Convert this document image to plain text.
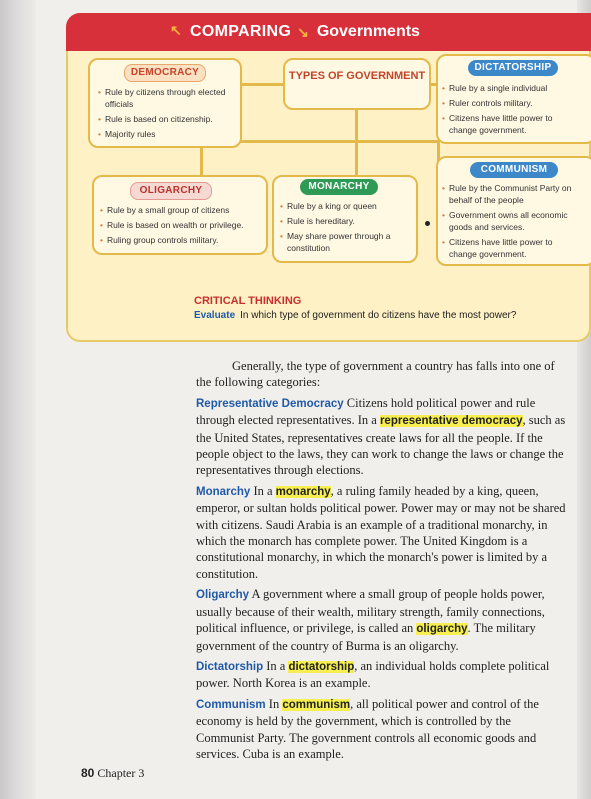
↖ COMPARING ↘ Governments
DEMOCRACY
• Rule by citizens through elected officials
• Rule is based on citizenship.
• Majority rules
TYPES OF GOVERNMENT
DICTATORSHIP
• Rule by a single individual
• Ruler controls military.
• Citizens have little power to change government.
OLIGARCHY
• Rule by a small group of citizens
• Rule is based on wealth or privilege.
• Ruling group controls military.
MONARCHY
• Rule by a king or queen
• Rule is hereditary.
• May share power through a constitution
COMMUNISM
• Rule by the Communist Party on behalf of the people
• Government owns all economic goods and services.
• Citizens have little power to change government.
CRITICAL THINKING
Evaluate In which type of government do citizens have the most power?

Generally, the type of government a country has falls into one of the following categories:

Representative Democracy Citizens hold political power and rule through elected representatives. In a representative democracy, such as the United States, representatives create laws for all the people. If the people object to the laws, they can work to change the laws or change the representatives through elections.

Monarchy In a monarchy, a ruling family headed by a king, queen, emperor, or sultan holds political power. Power may or may not be shared with citizens. Saudi Arabia is an example of a traditional monarchy, in which the monarch has complete power. The United Kingdom is a constitutional monarchy, in which the monarch's power is limited by a constitution.

Oligarchy A government where a small group of people holds power, usually because of their wealth, military strength, family connections, political influence, or privilege, is called an oligarchy. The military government of the country of Burma is an oligarchy.

Dictatorship In a dictatorship, an individual holds complete political power. North Korea is an example.

Communism In communism, all political power and control of the economy is held by the government, which is controlled by the Communist Party. The government controls all economic goods and services. Cuba is an example.

80 Chapter 3
